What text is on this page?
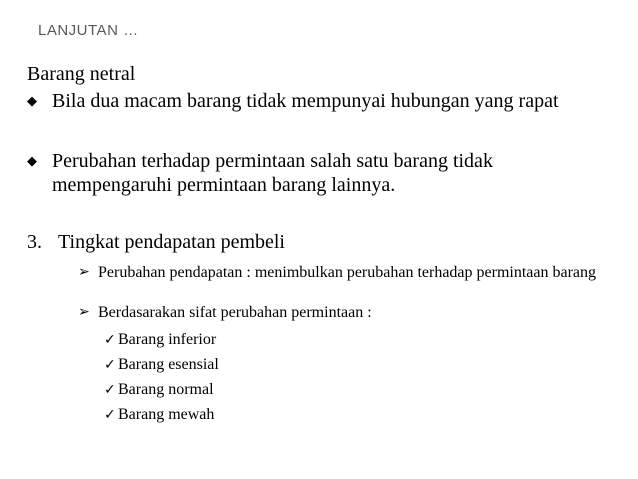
LANJUTAN …
Barang netral
◆ Bila dua macam barang tidak mempunyai hubungan yang rapat
◆ Perubahan terhadap permintaan salah satu barang tidak mempengaruhi permintaan barang lainnya.
3. Tingkat pendapatan pembeli
➢ Perubahan pendapatan : menimbulkan perubahan terhadap permintaan barang
➢ Berdasarakan sifat perubahan permintaan :
✓ Barang inferior
✓ Barang esensial
✓ Barang normal
✓ Barang mewah
